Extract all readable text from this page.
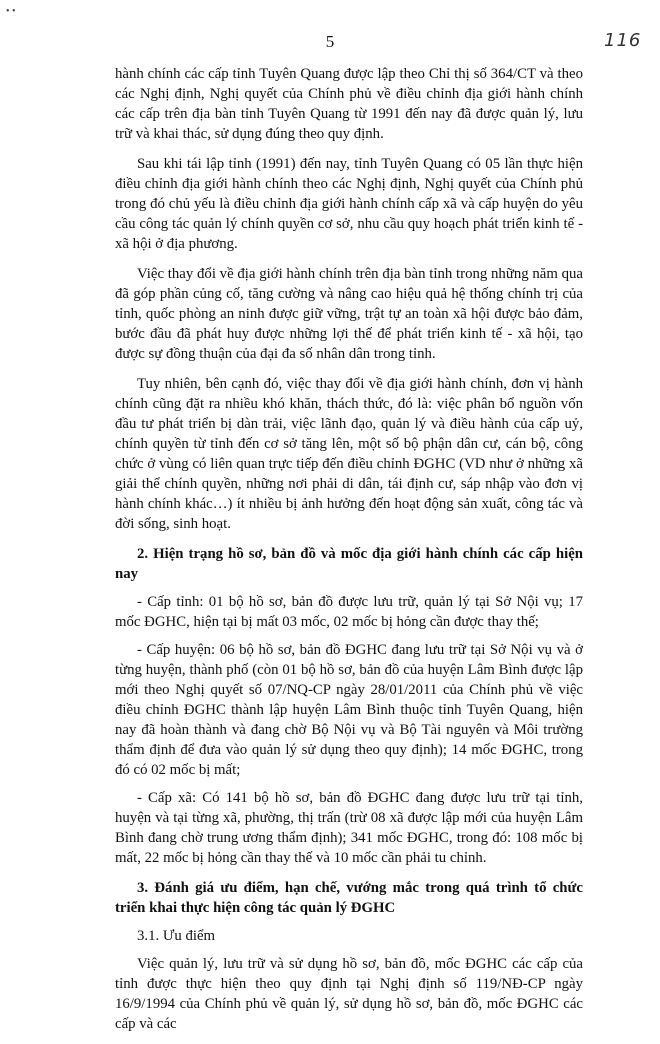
• •
5	116

hành chính các cấp tỉnh Tuyên Quang được lập theo Chỉ thị số 364/CT và theo các Nghị định, Nghị quyết của Chính phủ về điều chỉnh địa giới hành chính các cấp trên địa bàn tỉnh Tuyên Quang từ 1991 đến nay đã được quản lý, lưu trữ và khai thác, sử dụng đúng theo quy định.

Sau khi tái lập tỉnh (1991) đến nay, tỉnh Tuyên Quang có 05 lần thực hiện điều chỉnh địa giới hành chính theo các Nghị định, Nghị quyết của Chính phủ trong đó chủ yếu là điều chỉnh địa giới hành chính cấp xã và cấp huyện do yêu cầu công tác quản lý chính quyền cơ sở, nhu cầu quy hoạch phát triển kinh tế -xã hội ở địa phương.

Việc thay đổi về địa giới hành chính trên địa bàn tỉnh trong những năm qua đã góp phần củng cố, tăng cường và nâng cao hiệu quả hệ thống chính trị của tỉnh, quốc phòng an ninh được giữ vững, trật tự an toàn xã hội được bảo đảm, bước đầu đã phát huy được những lợi thế để phát triển kinh tế - xã hội, tạo được sự đồng thuận của đại đa số nhân dân trong tỉnh.

Tuy nhiên, bên cạnh đó, việc thay đổi về địa giới hành chính, đơn vị hành chính cũng đặt ra nhiều khó khăn, thách thức, đó là: việc phân bổ nguồn vốn đầu tư phát triển bị dàn trải, việc lãnh đạo, quản lý và điều hành của cấp uỷ, chính quyền từ tỉnh đến cơ sở tăng lên, một số bộ phận dân cư, cán bộ, công chức ở vùng có liên quan trực tiếp đến điều chỉnh ĐGHC (VD như ở những xã giải thể chính quyền, những nơi phải di dân, tái định cư, sáp nhập vào đơn vị hành chính khác…) ít nhiều bị ảnh hưởng đến hoạt động sản xuất, công tác và đời sống, sinh hoạt.

2. Hiện trạng hồ sơ, bản đồ và mốc địa giới hành chính các cấp hiện nay

- Cấp tỉnh: 01 bộ hồ sơ, bản đồ được lưu trữ, quản lý tại Sở Nội vụ; 17 mốc ĐGHC, hiện tại bị mất 03 mốc, 02 mốc bị hỏng cần được thay thế;

- Cấp huyện: 06 bộ hồ sơ, bản đồ ĐGHC đang lưu trữ tại Sở Nội vụ và ở từng huyện, thành phố (còn 01 bộ hồ sơ, bản đồ của huyện Lâm Bình được lập mới theo Nghị quyết số 07/NQ-CP ngày 28/01/2011 của Chính phủ về việc điều chỉnh ĐGHC thành lập huyện Lâm Bình thuộc tỉnh Tuyên Quang, hiện nay đã hoàn thành và đang chờ Bộ Nội vụ và Bộ Tài nguyên và Môi trường thẩm định để đưa vào quản lý sử dụng theo quy định); 14 mốc ĐGHC, trong đó có 02 mốc bị mất;

- Cấp xã: Có 141 bộ hồ sơ, bản đồ ĐGHC đang được lưu trữ tại tỉnh, huyện và tại từng xã, phường, thị trấn (trừ 08 xã được lập mới của huyện Lâm Bình đang chờ trung ương thẩm định); 341 mốc ĐGHC, trong đó: 108 mốc bị mất, 22 mốc bị hỏng cần thay thế và 10 mốc cần phải tu chỉnh.

3. Đánh giá ưu điểm, hạn chế, vướng mắc trong quá trình tổ chức triển khai thực hiện công tác quản lý ĐGHC

3.1. Ưu điểm

Việc quản lý, lưu trữ và sử dụng hồ sơ, bản đồ, mốc ĐGHC các cấp của tỉnh được thực hiện theo quy định tại Nghị định số 119/NĐ-CP ngày 16/9/1994 của Chính phủ về quản lý, sử dụng hồ sơ, bản đồ, mốc ĐGHC các cấp và các
